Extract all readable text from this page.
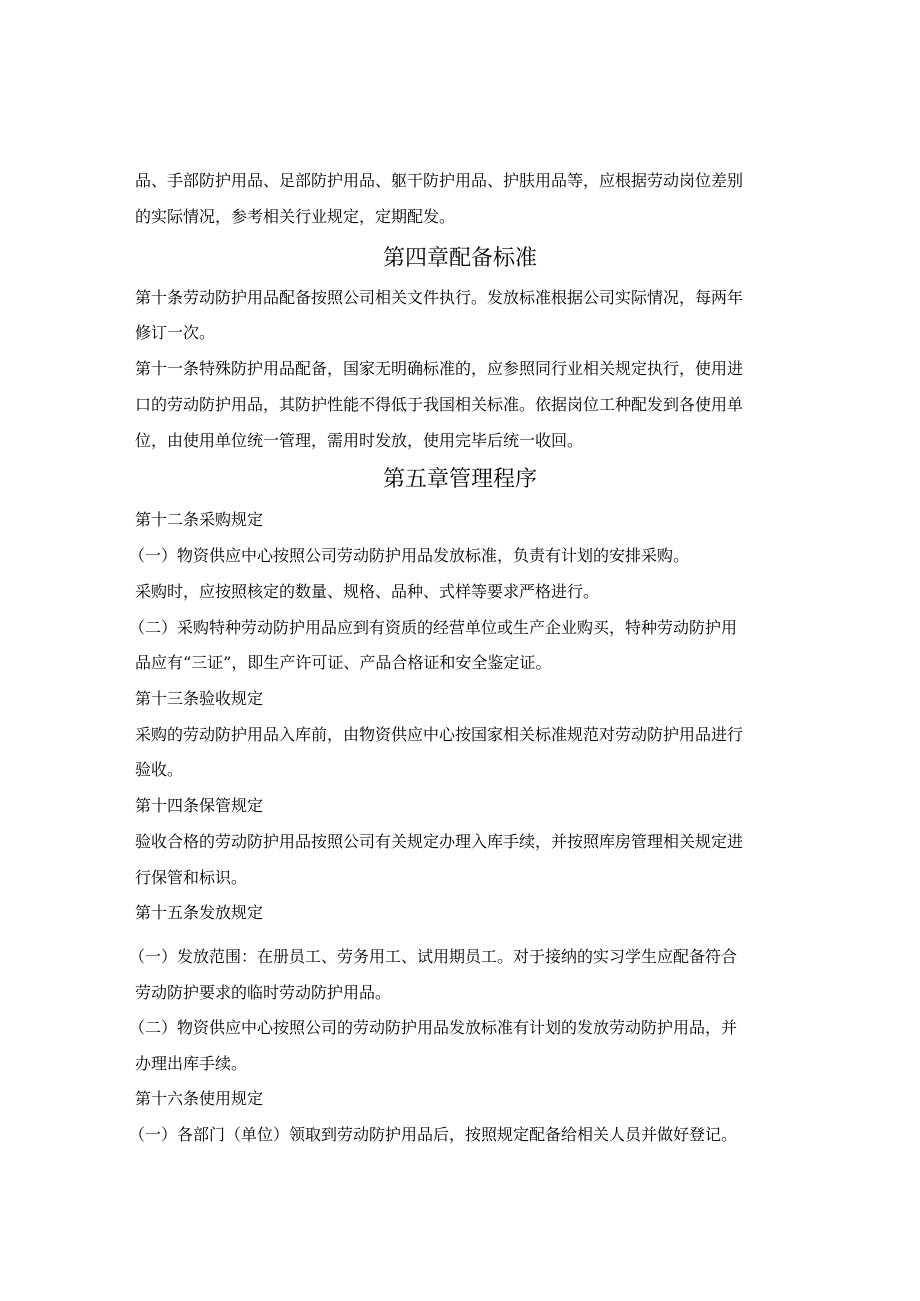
品、手部防护用品、足部防护用品、躯干防护用品、护肤用品等，应根据劳动岗位差别
的实际情况，参考相关行业规定，定期配发。
第四章配备标准
第十条劳动防护用品配备按照公司相关文件执行。发放标准根据公司实际情况，每两年
修订一次。
第十一条特殊防护用品配备，国家无明确标准的，应参照同行业相关规定执行，使用进
口的劳动防护用品，其防护性能不得低于我国相关标准。依据岗位工种配发到各使用单
位，由使用单位统一管理，需用时发放，使用完毕后统一收回。
第五章管理程序
第十二条采购规定
（一）物资供应中心按照公司劳动防护用品发放标准，负责有计划的安排采购。
采购时，应按照核定的数量、规格、品种、式样等要求严格进行。
（二）采购特种劳动防护用品应到有资质的经营单位或生产企业购买，特种劳动防护用
品应有“三证”，即生产许可证、产品合格证和安全鉴定证。
第十三条验收规定
采购的劳动防护用品入库前，由物资供应中心按国家相关标准规范对劳动防护用品进行
验收。
第十四条保管规定
验收合格的劳动防护用品按照公司有关规定办理入库手续，并按照库房管理相关规定进
行保管和标识。
第十五条发放规定
（一）发放范围：在册员工、劳务用工、试用期员工。对于接纳的实习学生应配备符合
劳动防护要求的临时劳动防护用品。
（二）物资供应中心按照公司的劳动防护用品发放标准有计划的发放劳动防护用品，并
办理出库手续。
第十六条使用规定
（一）各部门（单位）领取到劳动防护用品后，按照规定配备给相关人员并做好登记。
